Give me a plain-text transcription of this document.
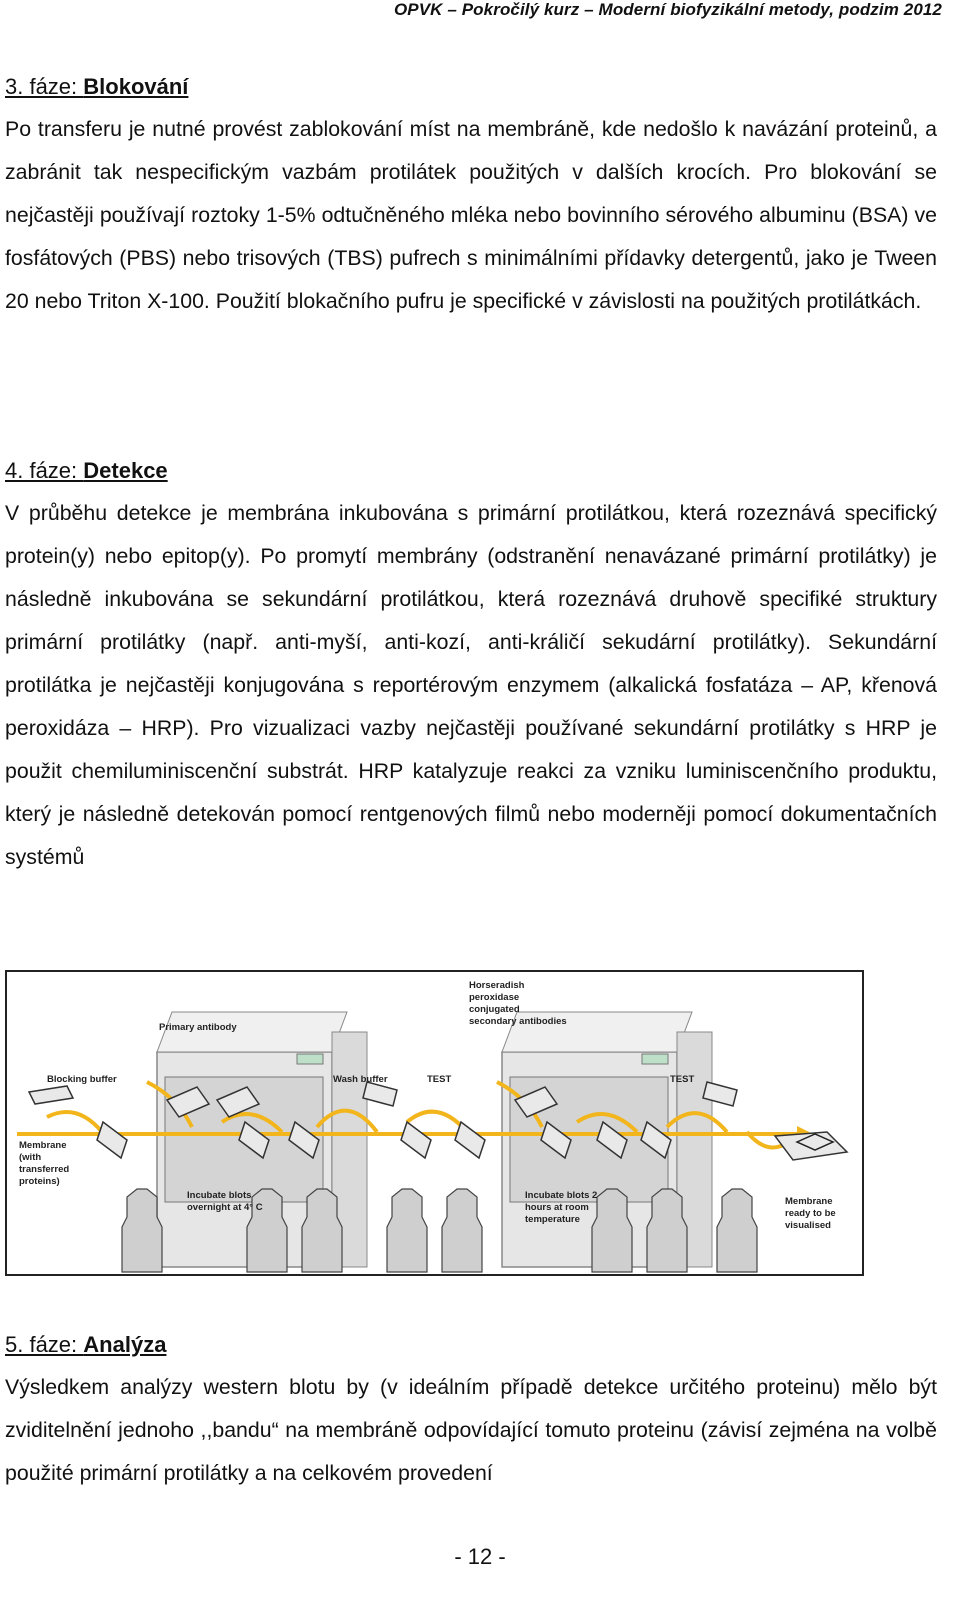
OPVK – Pokročilý kurz – Moderní biofyzikální metody, podzim 2012
3. fáze: Blokování
Po transferu je nutné provést zablokování míst na membráně, kde nedošlo k navázání proteinů, a zabránit tak nespecifickým vazbám protilátek použitých v dalších krocích. Pro blokování se nejčastěji používají roztoky 1-5% odtučněného mléka nebo bovinního sérového albuminu (BSA) ve fosfátových (PBS) nebo trisových (TBS) pufrech s minimálními přídavky detergentů, jako je Tween 20 nebo Triton X-100. Použití blokačního pufru je specifické v závislosti na použitých protilátkách.
4. fáze: Detekce
V průběhu detekce je membrána inkubována s primární protilátkou, která rozeznává specifický protein(y) nebo epitop(y). Po promytí membrány (odstranění nenavázané primární protilátky) je následně inkubována se sekundární protilátkou, která rozeznává druhově specifiké struktury primární protilátky (např. anti-myší, anti-kozí, anti-králičí sekudární protilátky). Sekundární protilátka je nejčastěji konjugována s reportérovým enzymem (alkalická fosfatáza – AP, křenová peroxidáza – HRP). Pro vizualizaci vazby nejčastěji používané sekundární protilátky s HRP je použit chemiluminiscenční substrát. HRP katalyzuje reakci za vzniku luminiscenčního produktu, který je následně detekován pomocí rentgenových filmů nebo moderněji pomocí dokumentačních systémů
Blocking buffer
Membrane
(with
transferred
proteins)
Primary antibody
Wash buffer	TEST	TEST
Horseradish
peroxidase
conjugated
secondary antibodies
Incubate blots
overnight at 4° C
Incubate blots 2
hours at room
temperature
Membrane
ready to be
visualised
5. fáze: Analýza
Výsledkem analýzy western blotu by (v ideálním případě detekce určitého proteinu) mělo být zviditelnění jednoho ,,bandu“ na membráně odpovídající tomuto proteinu (závisí zejména na volbě použité primární protilátky a na celkovém provedení
- 12 -
